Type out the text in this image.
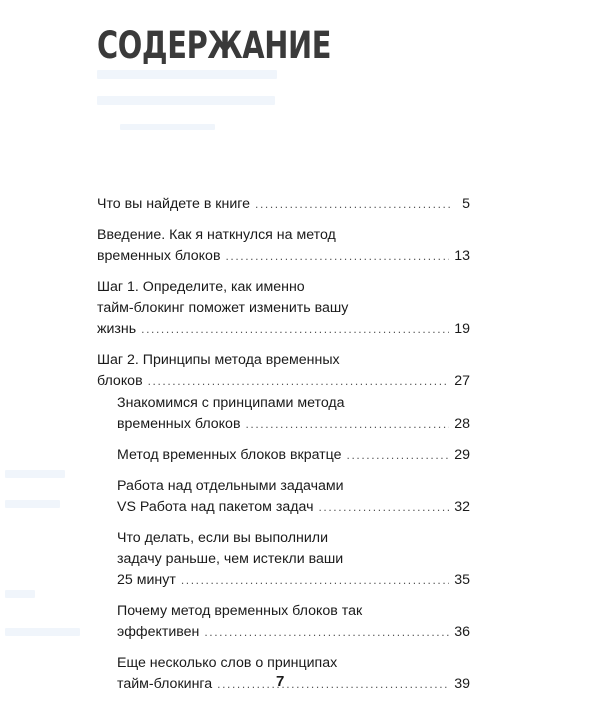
СОДЕРЖАНИЕ
Что вы найдете в книге .....	5
Введение. Как я наткнулся на метод
временных блоков .....	13
Шаг 1. Определите, как именно
тайм-блокинг поможет изменить вашу
жизнь .....	19
Шаг 2. Принципы метода временных
блоков .....	27
Знакомимся с принципами метода
временных блоков .....	28
Метод временных блоков вкратце .....	29
Работа над отдельными задачами
VS Работа над пакетом задач .....	32
Что делать, если вы выполнили
задачу раньше, чем истекли ваши
25 минут .....	35
Почему метод временных блоков так
эффективен .....	36
Еще несколько слов о принципах
тайм-блокинга .....	39
7
